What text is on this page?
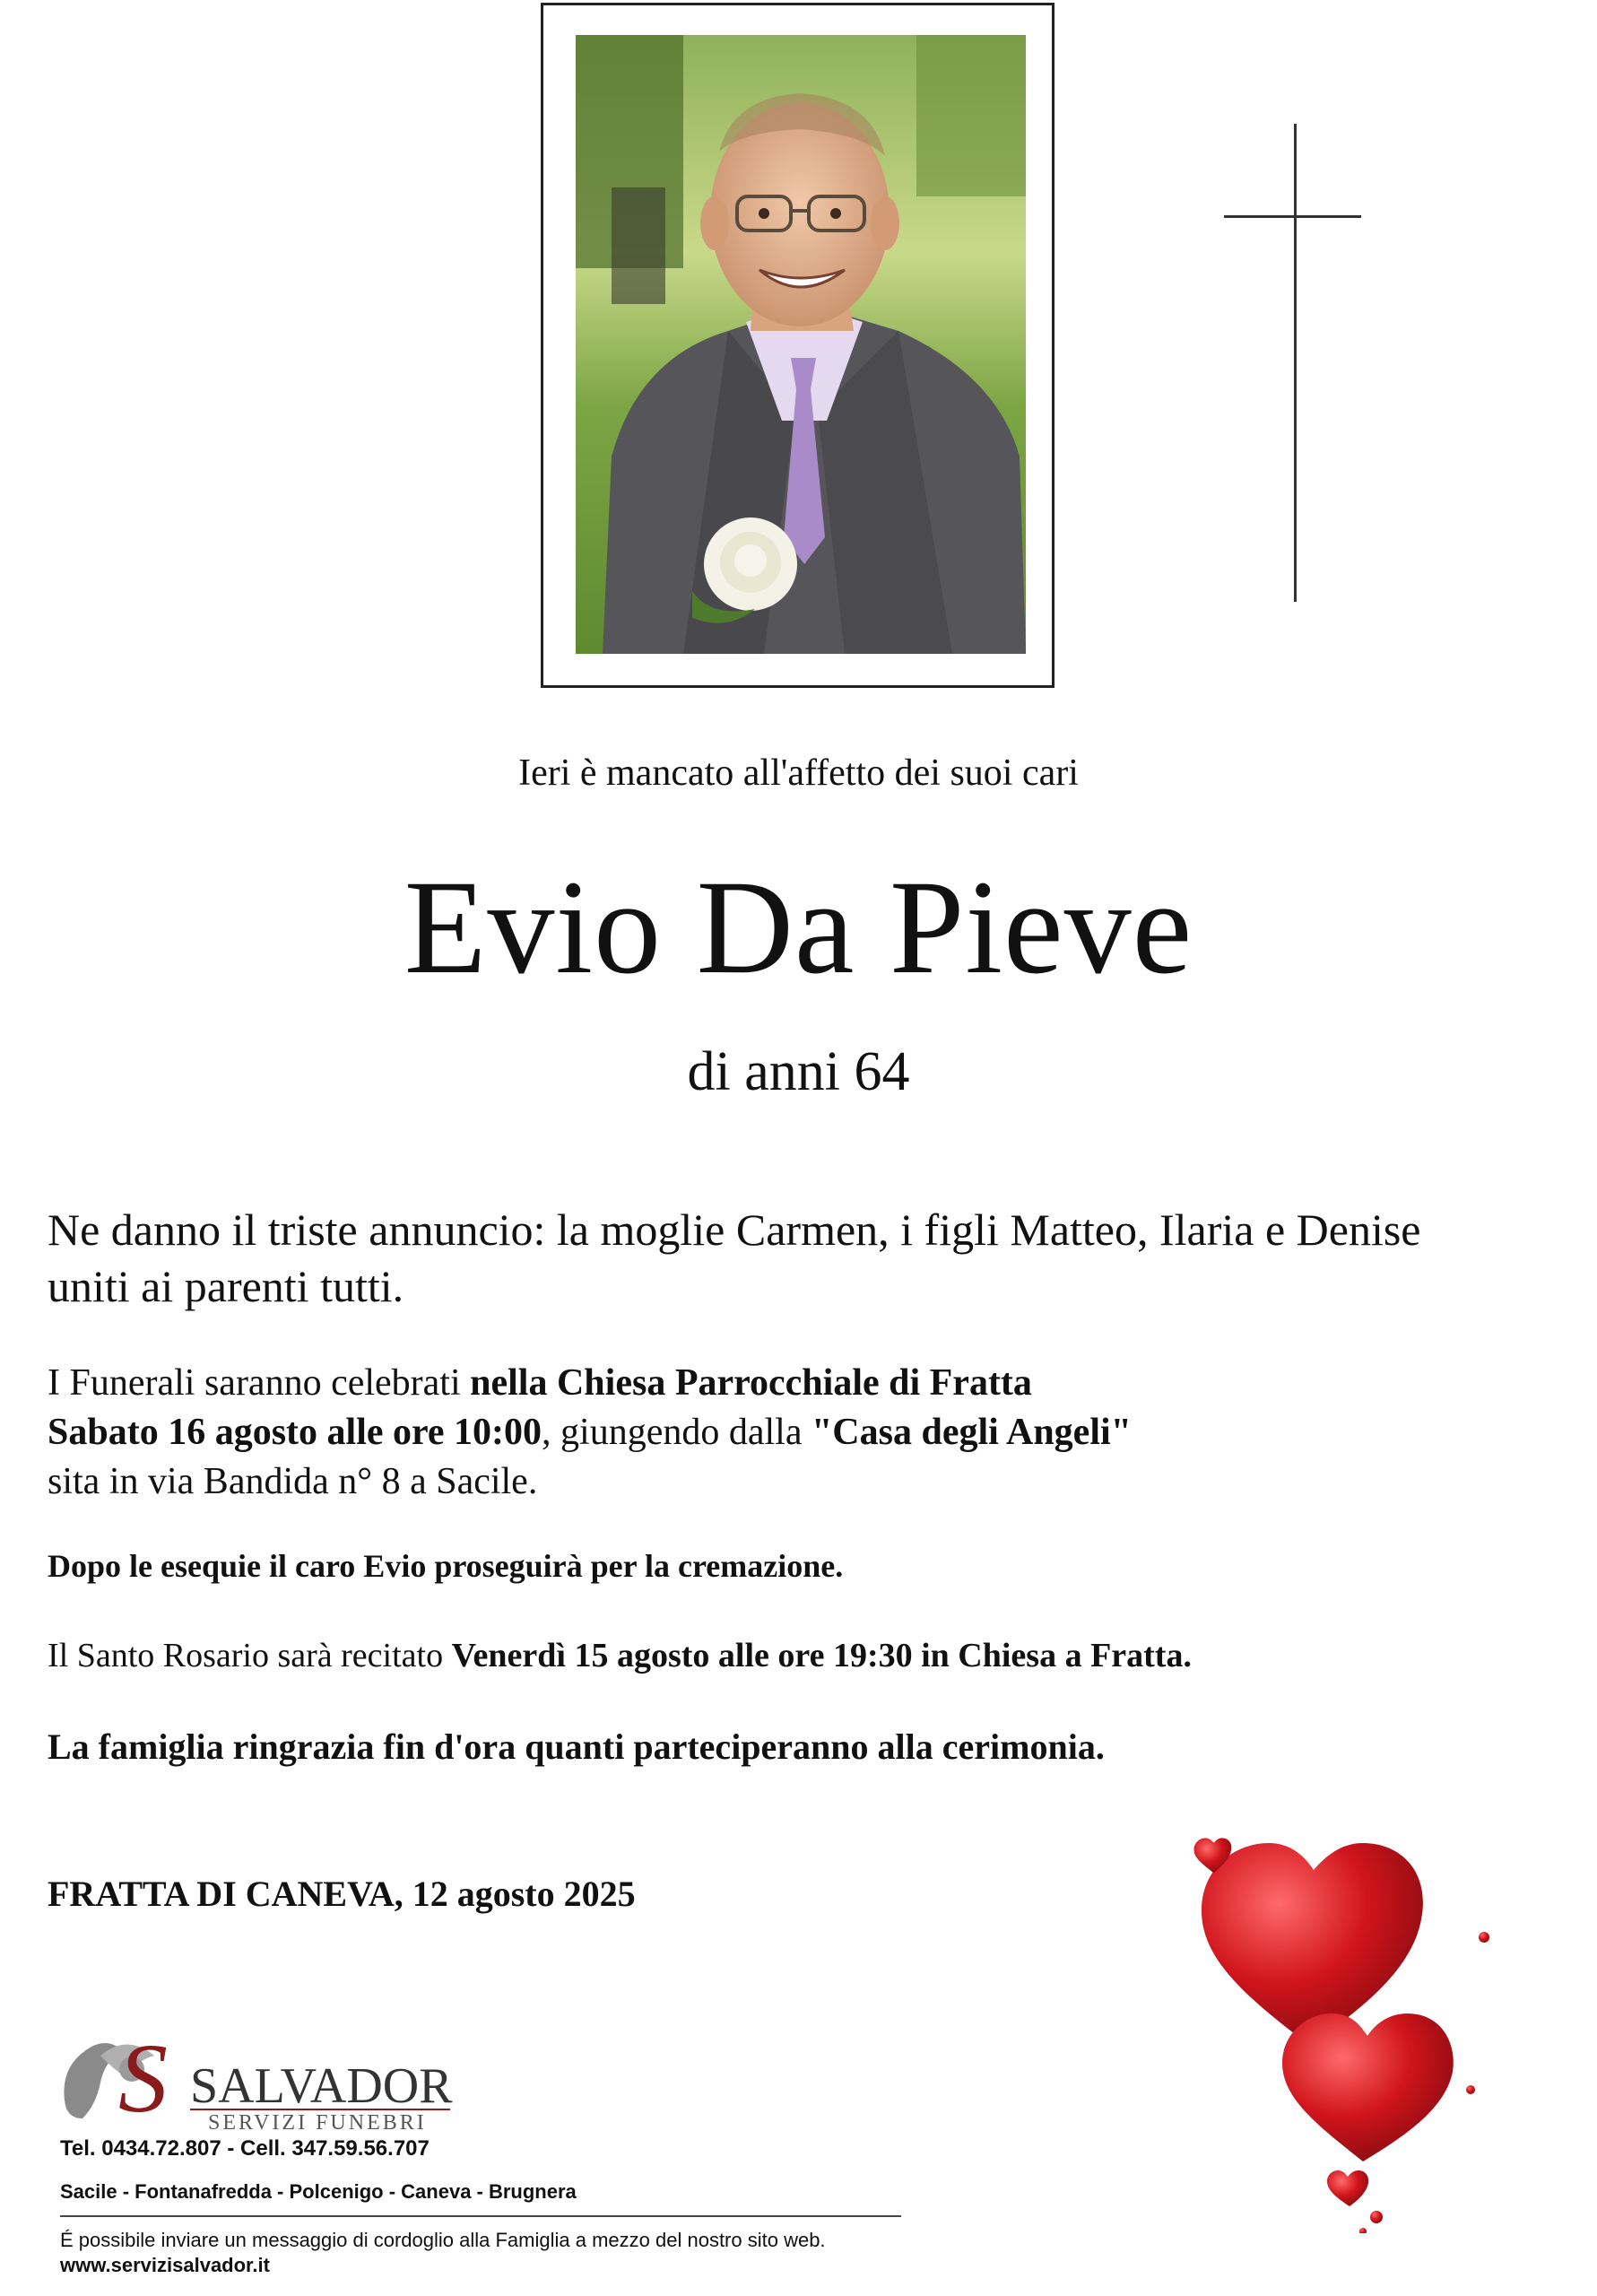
Ieri è mancato all'affetto dei suoi cari
Evio Da Pieve
di anni 64
Ne danno il triste annuncio: la moglie Carmen, i figli Matteo, Ilaria e Denise uniti ai parenti tutti.
I Funerali saranno celebrati nella Chiesa Parrocchiale di Fratta
Sabato 16 agosto alle ore 10:00, giungendo dalla "Casa degli Angeli"
sita in via Bandida n° 8 a Sacile.
Dopo le esequie il caro Evio proseguirà per la cremazione.
Il Santo Rosario sarà recitato Venerdì 15 agosto alle ore 19:30 in Chiesa a Fratta.
La famiglia ringrazia fin d'ora quanti parteciperanno alla cerimonia.
FRATTA DI CANEVA, 12 agosto 2025
S SALVADOR
SERVIZI FUNEBRI
Tel. 0434.72.807 - Cell. 347.59.56.707
Sacile - Fontanafredda - Polcenigo - Caneva - Brugnera
É possibile inviare un messaggio di cordoglio alla Famiglia a mezzo del nostro sito web.
www.servizisalvador.it
